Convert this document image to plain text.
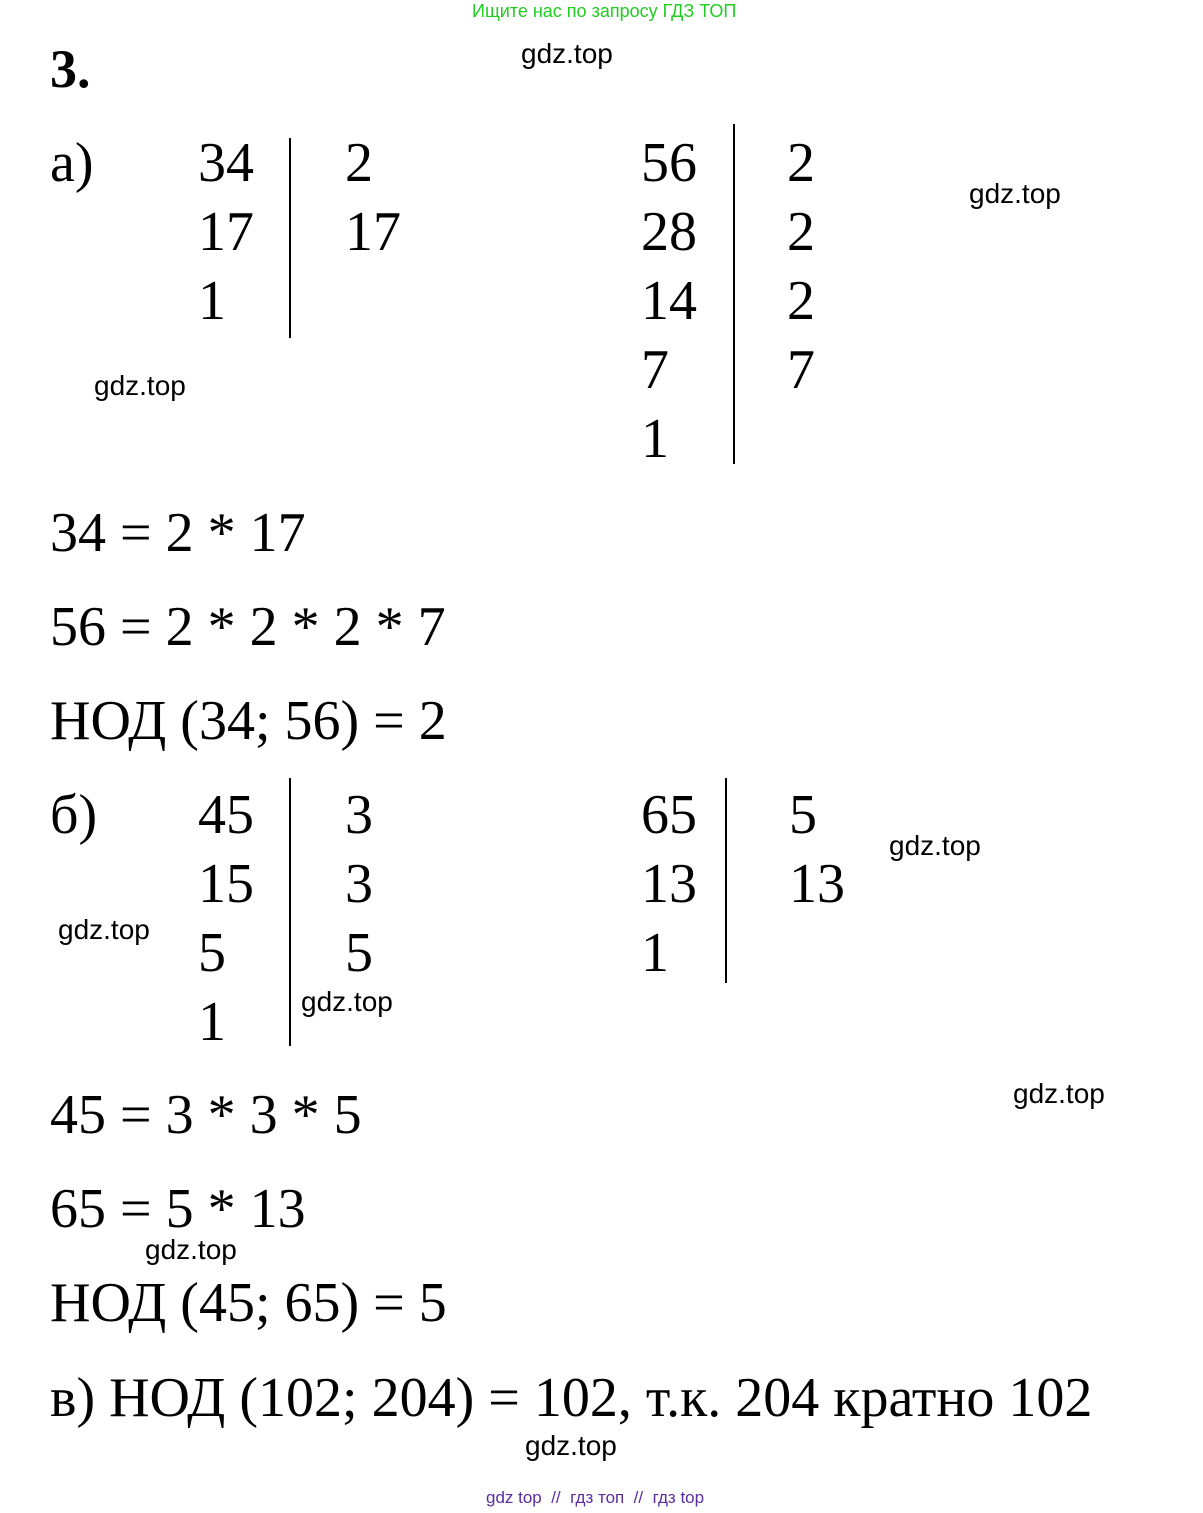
Ищите нас по запросу ГДЗ ТОП
3.	gdz.top
gdz.top
gdz.top
gdz.top
gdz.top
gdz.top
gdz.top
gdz.top
gdz.top
а) 34
17
1
2
17
56
28
14
7
1
2
2
2
7
34 = 2 * 17
56 = 2 * 2 * 2 * 7
НОД (34; 56) = 2
б) 45
15
5
1
3
3
5
65
13
1
5
13
45 = 3 * 3 * 5
65 = 5 * 13
НОД (45; 65) = 5
в) НОД (102; 204) = 102, т.к. 204 кратно 102
gdz top  //  гдз топ  //  гдз top
